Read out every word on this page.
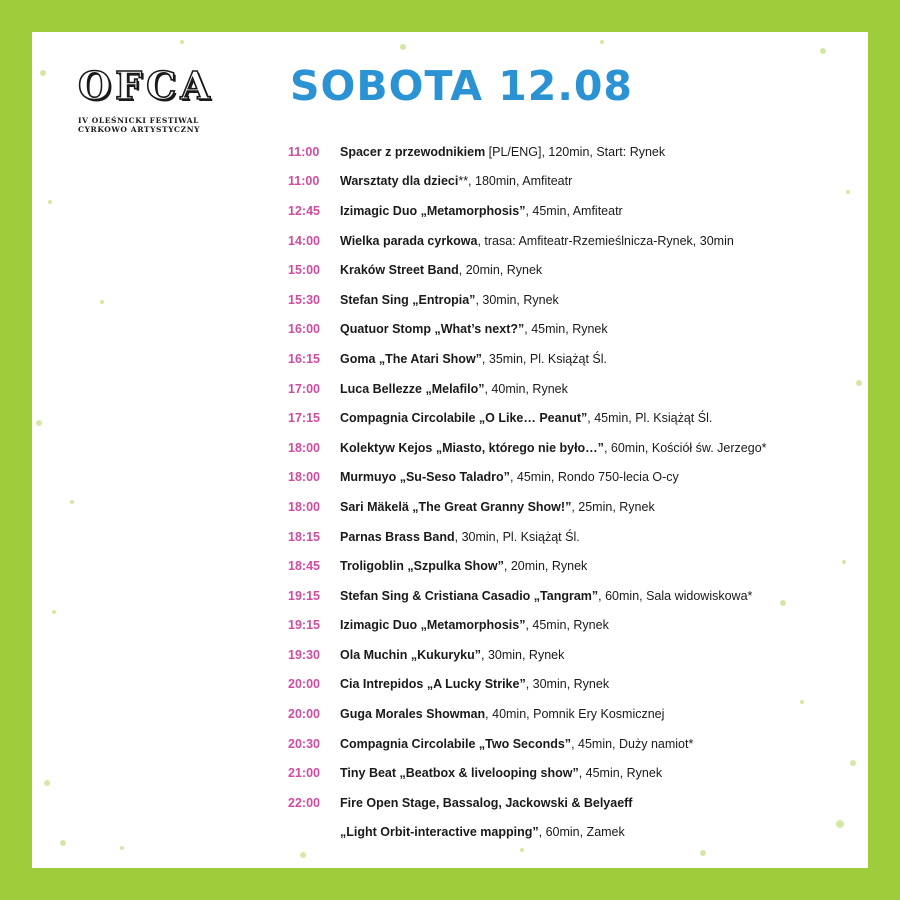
OFCA
IV OLEŚNICKI FESTIWAL
CYRKOWO ARTYSTYCZNY
SOBOTA 12.08
11:00	Spacer z przewodnikiem [PL/ENG], 120min, Start: Rynek
11:00	Warsztaty dla dzieci**, 180min, Amfiteatr
12:45	Izimagic Duo „Metamorphosis”, 45min, Amfiteatr
14:00	Wielka parada cyrkowa, trasa: Amfiteatr-Rzemieślnicza-Rynek, 30min
15:00	Kraków Street Band, 20min, Rynek
15:30	Stefan Sing „Entropia”, 30min, Rynek
16:00	Quatuor Stomp „What’s next?”, 45min, Rynek
16:15	Goma „The Atari Show”, 35min, Pl. Książąt Śl.
17:00	Luca Bellezze „Melafilo”, 40min, Rynek
17:15	Compagnia Circolabile „O Like… Peanut”, 45min, Pl. Książąt Śl.
18:00	Kolektyw Kejos „Miasto, którego nie było…”, 60min, Kościół św. Jerzego*
18:00	Murmuyo „Su-Seso Taladro”, 45min, Rondo 750-lecia O-cy
18:00	Sari Mäkelä „The Great Granny Show!”, 25min, Rynek
18:15	Parnas Brass Band, 30min, Pl. Książąt Śl.
18:45	Troligoblin „Szpulka Show”, 20min, Rynek
19:15	Stefan Sing & Cristiana Casadio „Tangram”, 60min, Sala widowiskowa*
19:15	Izimagic Duo „Metamorphosis”, 45min, Rynek
19:30	Ola Muchin „Kukuryku”, 30min, Rynek
20:00	Cia Intrepidos „A Lucky Strike”, 30min, Rynek
20:00	Guga Morales Showman, 40min, Pomnik Ery Kosmicznej
20:30	Compagnia Circolabile „Two Seconds”, 45min, Duży namiot*
21:00	Tiny Beat „Beatbox & livelooping show”, 45min, Rynek
22:00	Fire Open Stage, Bassalog, Jackowski & Belyaeff
„Light Orbit-interactive mapping”, 60min, Zamek
